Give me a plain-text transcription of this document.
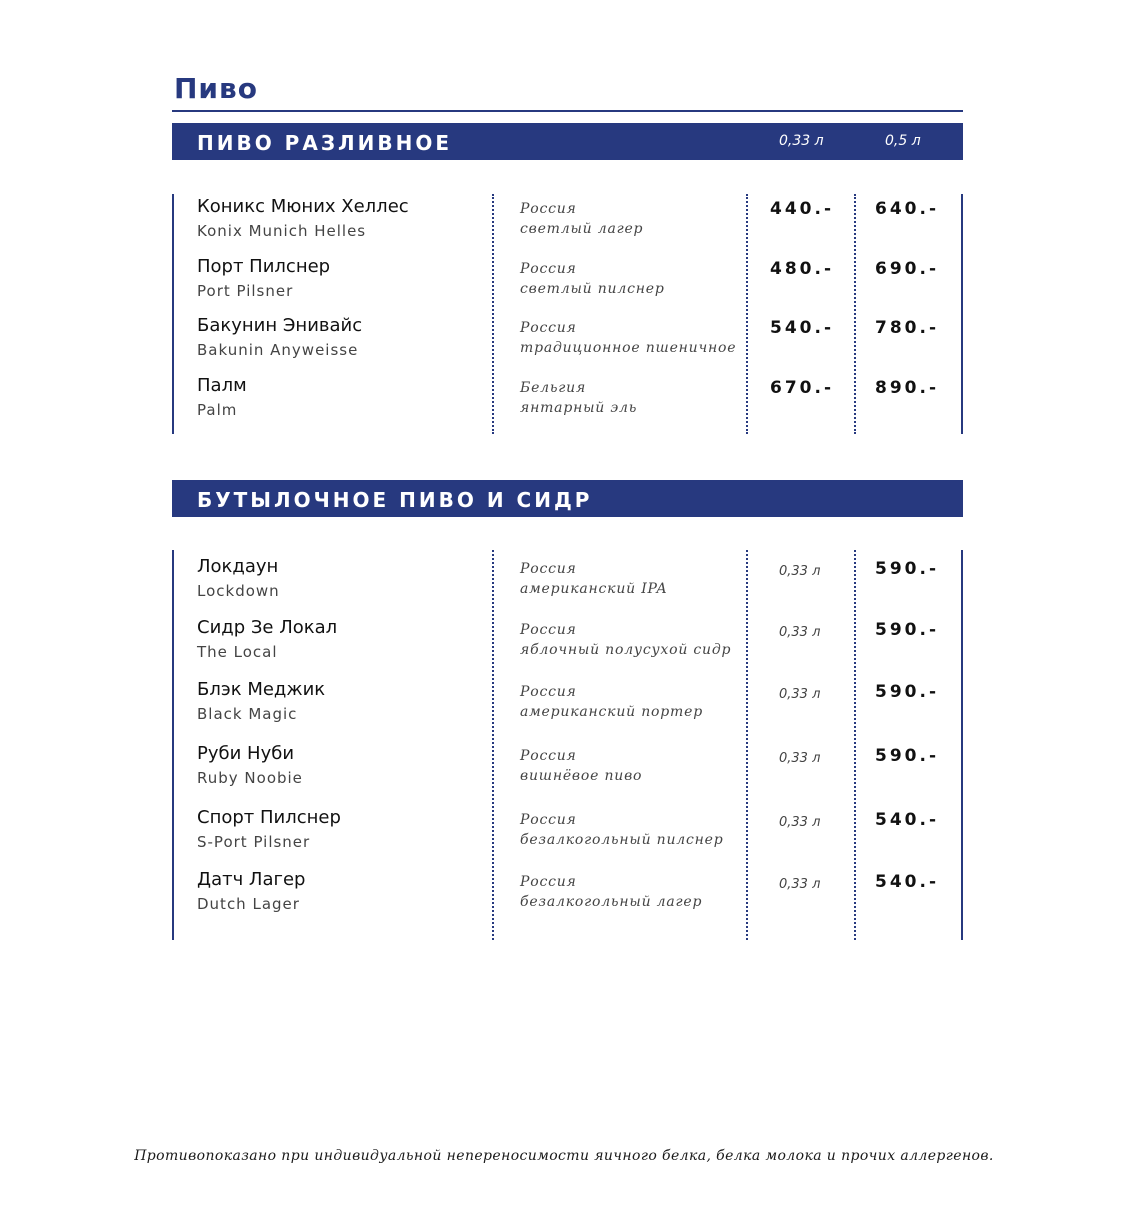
Пиво
ПИВО РАЗЛИВНОЕ	0,33 л	0,5 л
Коникс Мюних Хеллес
Konix Munich Helles
Россия
светлый лагер
440.- 640.-
Порт Пилснер
Port Pilsner
Россия
светлый пилснер
480.- 690.-
Бакунин Энивайс
Bakunin Anyweisse
Россия
традиционное пшеничное
540.- 780.-
Палм
Palm
Бельгия
янтарный эль
670.- 890.-
БУТЫЛОЧНОЕ ПИВО И СИДР
Локдаун
Lockdown
Россия
американский IPA
0,33 л	590.-
Сидр Зе Локал
The Local
Россия
яблочный полусухой сидр
0,33 л	590.-
Блэк Меджик
Black Magic
Россия
американский портер
0,33 л	590.-
Руби Нуби
Ruby Noobie
Россия
вишнёвое пиво
0,33 л	590.-
Спорт Пилснер
S-Port Pilsner
Россия
безалкогольный пилснер
0,33 л	540.-
Датч Лагер
Dutch Lager
Россия
безалкогольный лагер
0,33 л	540.-

Противопоказано при индивидуальной непереносимости яичного белка, белка молока и прочих аллергенов.
